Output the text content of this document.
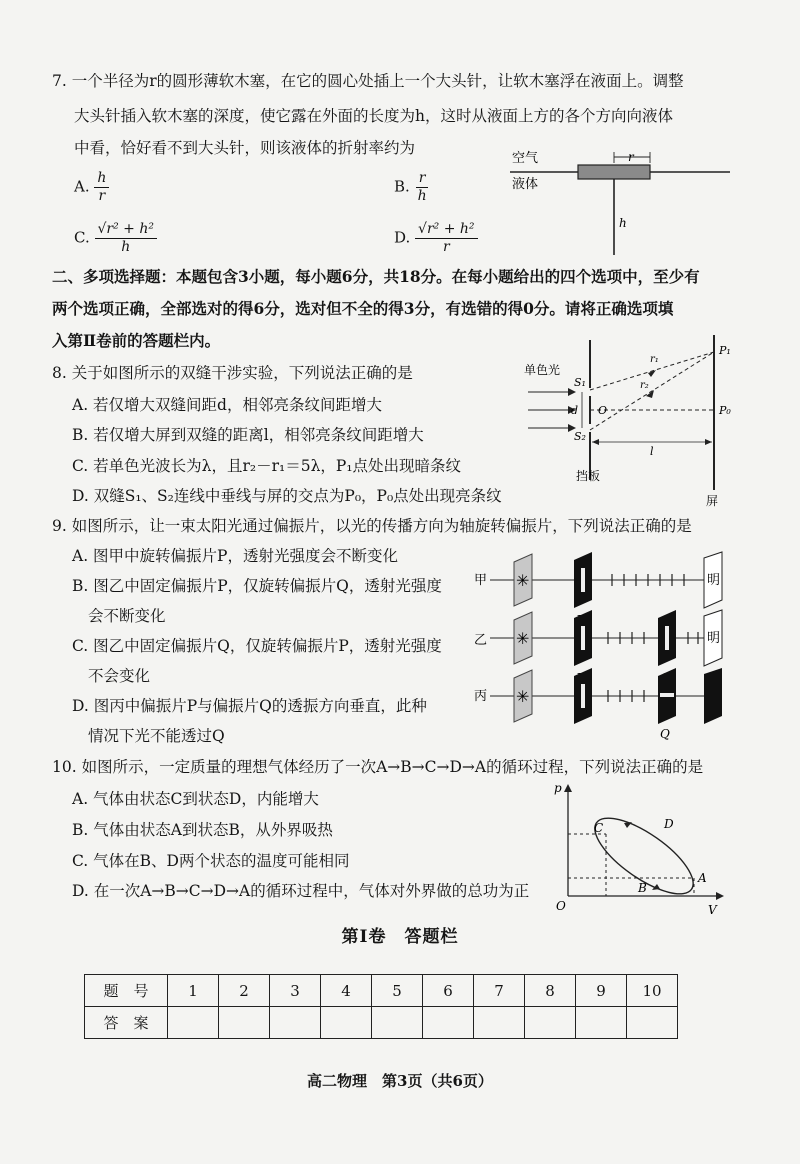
7. 一个半径为r的圆形薄软木塞，在它的圆心处插上一个大头针，让软木塞浮在液面上。调整
大头针插入软木塞的深度，使它露在外面的长度为h，这时从液面上方的各个方向向液体
中看，恰好看不到大头针，则该液体的折射率约为
A. $\frac{h}{r}$	B. $\frac{r}{h}$
C. $\frac{\text{√r² + h²}}{h}$	D. $\frac{\text{√r² + h²}}{r}$
空气
液体
r
h
二、多项选择题：本题包含3小题，每小题6分，共18分。在每小题给出的四个选项中，至少有
两个选项正确，全部选对的得6分，选对但不全的得3分，有选错的得0分。请将正确选项填
入第Ⅱ卷前的答题栏内。
8. 关于如图所示的双缝干涉实验，下列说法正确的是
A. 若仅增大双缝间距d，相邻亮条纹间距增大
B. 若仅增大屏到双缝的距离l，相邻亮条纹间距增大
C. 若单色光波长为λ，且r₂－r₁＝5λ，P₁点处出现暗条纹
D. 双缝S₁、S₂连线中垂线与屏的交点为P₀，P₀点处出现亮条纹
单色光
S₁
S₂
O
d
r₁
r₂
P₁
P₀
l
挡板
屏
9. 如图所示，让一束太阳光通过偏振片，以光的传播方向为轴旋转偏振片，下列说法正确的是
A. 图甲中旋转偏振片P，透射光强度会不断变化
B. 图乙中固定偏振片P，仅旋转偏振片Q，透射光强度
会不断变化
C. 图乙中固定偏振片Q，仅旋转偏振片P，透射光强度
不会变化
D. 图丙中偏振片P与偏振片Q的透振方向垂直，此种
情况下光不能透过Q
甲 ✳	明
乙 ✳	明
丙 ✳
Q
10. 如图所示，一定质量的理想气体经历了一次A→B→C→D→A的循环过程，下列说法正确的是
A. 气体由状态C到状态D，内能增大
B. 气体由状态A到状态B，从外界吸热
C. 气体在B、D两个状态的温度可能相同
D. 在一次A→B→C→D→A的循环过程中，气体对外界做的总功为正
p
V
O
C	D
A
B
第Ⅰ卷　答题栏
题　号	1	2	3	4	5	6	7	8	9	10
答　案										
高二物理　第3页（共6页）
